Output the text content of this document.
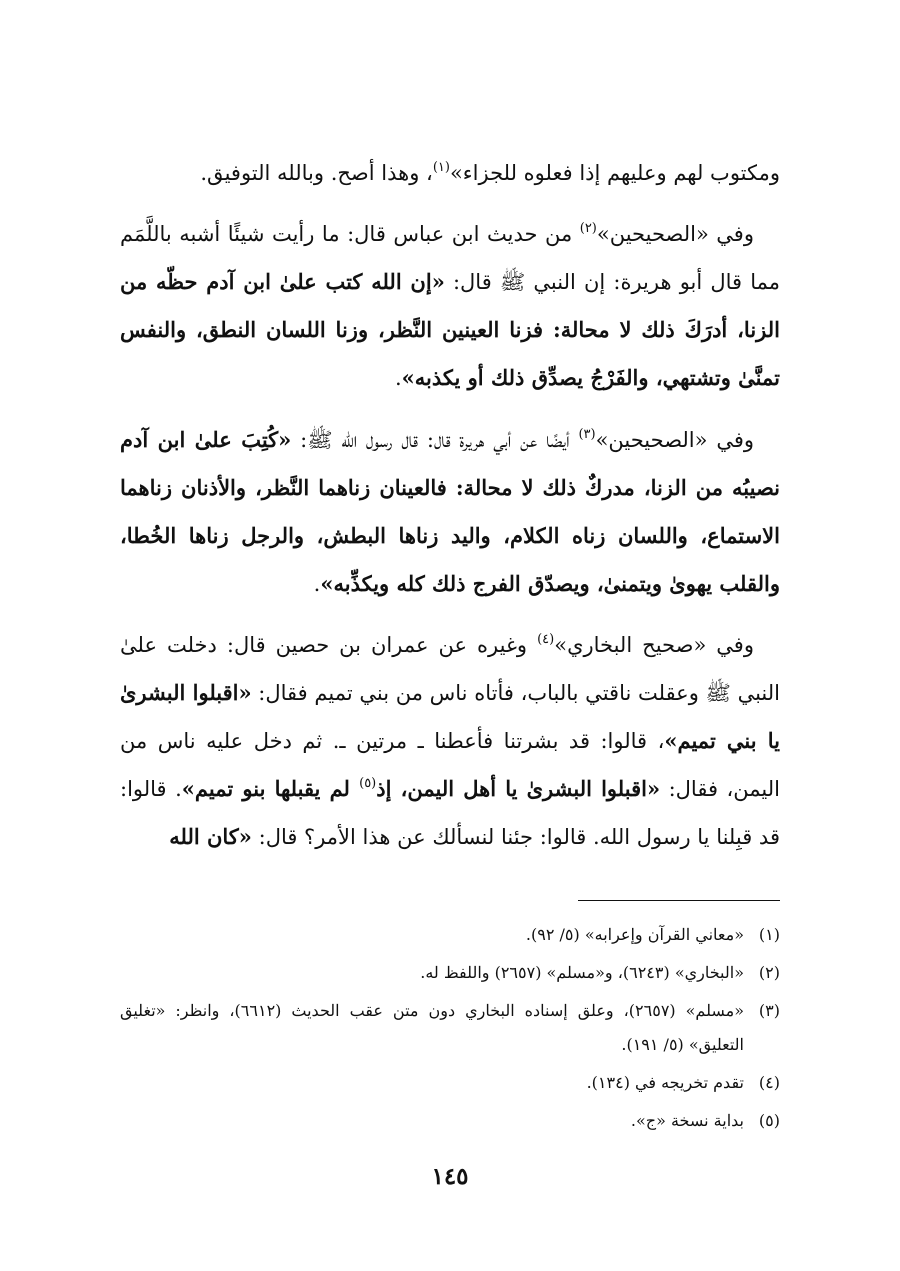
ومكتوب لهم وعليهم إذا فعلوه للجزاء»$^{(١)}$، وهذا أصح. وبالله التوفيق.

وفي «الصحيحين»$^{(٢)}$ من حديث ابن عباس قال: ما رأيت شيئًا أشبه باللَّمَم مما قال أبو هريرة: إن النبي ﷺ قال: «إن الله كتب علىٰ ابن آدم حظّه من الزنا، أدرَكَ ذلك لا محالة: فزنا العينين النَّظر، وزنا اللسان النطق، والنفس تمنَّىٰ وتشتهي، والفَرْجُ يصدِّق ذلك أو يكذبه».

وفي «الصحيحين»$^{(٣)}$ أيضًا عن أبي هريرة قال: قال رسول الله ﷺ: «كُتِبَ علىٰ ابن آدم نصيبُه من الزنا، مدركٌ ذلك لا محالة: فالعينان زناهما النَّظر، والأذنان زناهما الاستماع، واللسان زناه الكلام، واليد زناها البطش، والرجل زناها الخُطا، والقلب يهوىٰ ويتمنىٰ، ويصدّق الفرج ذلك كله ويكذِّبه».

وفي «صحيح البخاري»$^{(٤)}$ وغيره عن عمران بن حصين قال: دخلت علىٰ النبي ﷺ وعقلت ناقتي بالباب، فأتاه ناس من بني تميم فقال: «اقبلوا البشرىٰ يا بني تميم»، قالوا: قد بشرتنا فأعطنا ـ مرتين ـ. ثم دخل عليه ناس من اليمن، فقال: «اقبلوا البشرىٰ يا أهل اليمن، إذ$^{(٥)}$ لم يقبلها بنو تميم». قالوا: قد قبِلنا يا رسول الله. قالوا: جئنا لنسألك عن هذا الأمر؟ قال: «كان الله

(١)
«معاني القرآن وإعرابه» (٥/ ٩٢).
(٢)
«البخاري» (٦٢٤٣)، و«مسلم» (٢٦٥٧) واللفظ له.
(٣)
«مسلم» (٢٦٥٧)، وعلق إسناده البخاري دون متن عقب الحديث (٦٦١٢)، وانظر: «تغليق التعليق» (٥/ ١٩١).
(٤)
تقدم تخريجه في (١٣٤).
(٥)
بداية نسخة «ج».
١٤٥
